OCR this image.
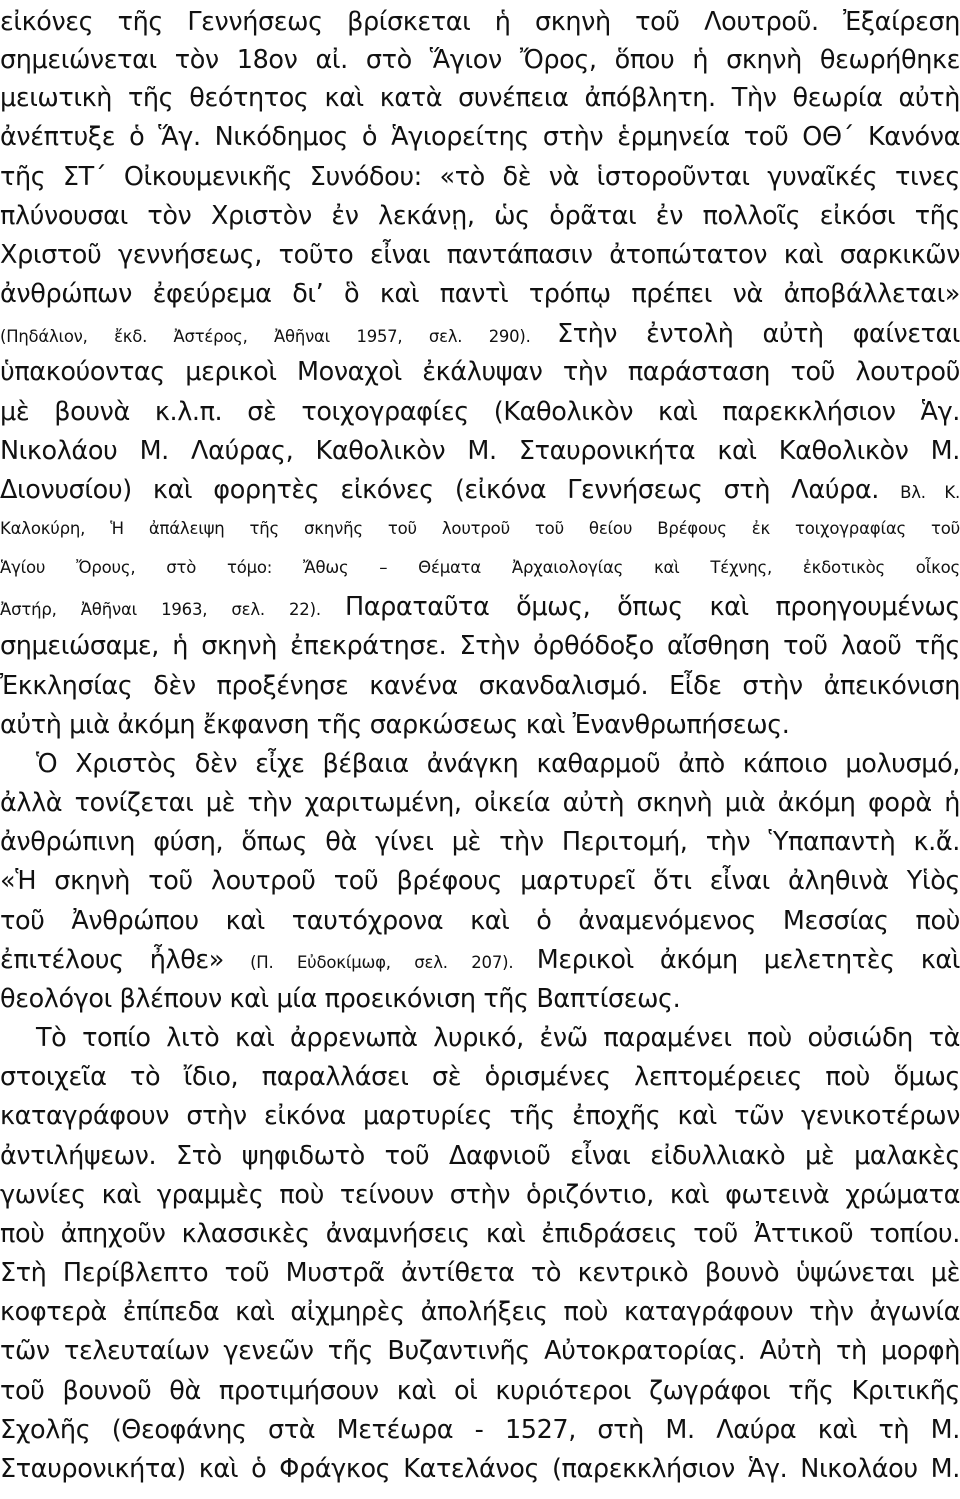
εἰκόνες τῆς Γεννήσεως βρίσκεται ἡ σκηνὴ τοῦ Λουτροῦ. Ἐξαίρεση
σημειώνεται τὸν 18ον αἰ. στὸ Ἅγιον Ὄρος, ὅπου ἡ σκηνὴ θεωρήθηκε
μειωτικὴ τῆς θεότητος καὶ κατὰ συνέπεια ἀπόβλητη. Τὴν θεωρία αὐτὴ
ἀνέπτυξε ὁ Ἅγ. Νικόδημος ὁ Ἁγιορείτης στὴν ἑρμηνεία τοῦ ΟΘ΄ Κανόνα
τῆς ΣΤ΄ Οἰκουμενικῆς Συνόδου: «τὸ δὲ νὰ ἱστοροῦνται γυναῖκές τινες
πλύνουσαι τὸν Χριστὸν ἐν λεκάνῃ, ὡς ὁρᾶται ἐν πολλοῖς εἰκόσι τῆς
Χριστοῦ γεννήσεως, τοῦτο εἶναι παντάπασιν ἀτοπώτατον καὶ σαρκικῶν
ἀνθρώπων ἐφεύρεμα δι’ ὃ καὶ παντὶ τρόπῳ πρέπει νὰ ἀποβάλλεται»
(Πηδάλιον, ἔκδ. Ἀστέρος, Ἀθῆναι 1957, σελ. 290). Στὴν ἐντολὴ αὐτὴ φαίνεται
ὑπακούοντας μερικοὶ Μοναχοὶ ἐκάλυψαν τὴν παράσταση τοῦ λουτροῦ
μὲ βουνὰ κ.λ.π. σὲ τοιχογραφίες (Καθολικὸν καὶ παρεκκλήσιον Ἁγ.
Νικολάου Μ. Λαύρας, Καθολικὸν Μ. Σταυρονικήτα καὶ Καθολικὸν Μ.
Διονυσίου) καὶ φορητὲς εἰκόνες (εἰκόνα Γεννήσεως στὴ Λαύρα. Βλ. Κ.
Καλοκύρη, Ἡ ἀπάλειψη τῆς σκηνῆς τοῦ λουτροῦ τοῦ θείου Βρέφους ἐκ τοιχογραφίας τοῦ
Ἁγίου Ὄρους, στὸ τόμο: Ἄθως – Θέματα Ἀρχαιολογίας καὶ Τέχνης, ἐκδοτικὸς οἶκος
Ἀστήρ, Ἀθῆναι 1963, σελ. 22). Παραταῦτα ὅμως, ὅπως καὶ προηγουμένως
σημειώσαμε, ἡ σκηνὴ ἐπεκράτησε. Στὴν ὀρθόδοξο αἴσθηση τοῦ λαοῦ τῆς
Ἐκκλησίας δὲν προξένησε κανένα σκανδαλισμό. Εἶδε στὴν ἀπεικόνιση
αὐτὴ μιὰ ἀκόμη ἔκφανση τῆς σαρκώσεως καὶ Ἐνανθρωπήσεως.
Ὁ Χριστὸς δὲν εἶχε βέβαια ἀνάγκη καθαρμοῦ ἀπὸ κάποιο μολυσμό,
ἀλλὰ τονίζεται μὲ τὴν χαριτωμένη, οἰκεία αὐτὴ σκηνὴ μιὰ ἀκόμη φορὰ ἡ
ἀνθρώπινη φύση, ὅπως θὰ γίνει μὲ τὴν Περιτομή, τὴν Ὑπαπαντὴ κ.ἄ.
«Ἡ σκηνὴ τοῦ λουτροῦ τοῦ βρέφους μαρτυρεῖ ὅτι εἶναι ἀληθινὰ Υἱὸς
τοῦ Ἀνθρώπου καὶ ταυτόχρονα καὶ ὁ ἀναμενόμενος Μεσσίας ποὺ
ἐπιτέλους ἦλθε» (Π. Εὐδοκίμωφ, σελ. 207). Μερικοὶ ἀκόμη μελετητὲς καὶ
θεολόγοι βλέπουν καὶ μία προεικόνιση τῆς Βαπτίσεως.
Τὸ τοπίο λιτὸ καὶ ἀρρενωπὰ λυρικό, ἐνῶ παραμένει ποὺ οὐσιώδη τὰ
στοιχεῖα τὸ ἴδιο, παραλλάσει σὲ ὁρισμένες λεπτομέρειες ποὺ ὅμως
καταγράφουν στὴν εἰκόνα μαρτυρίες τῆς ἐποχῆς καὶ τῶν γενικοτέρων
ἀντιλήψεων. Στὸ ψηφιδωτὸ τοῦ Δαφνιοῦ εἶναι εἰδυλλιακὸ μὲ μαλακὲς
γωνίες καὶ γραμμὲς ποὺ τείνουν στὴν ὁριζόντιο, καὶ φωτεινὰ χρώματα
ποὺ ἀπηχοῦν κλασσικὲς ἀναμνήσεις καὶ ἐπιδράσεις τοῦ Ἀττικοῦ τοπίου.
Στὴ Περίβλεπτο τοῦ Μυστρᾶ ἀντίθετα τὸ κεντρικὸ βουνὸ ὑψώνεται μὲ
κοφτερὰ ἐπίπεδα καὶ αἰχμηρὲς ἀπολήξεις ποὺ καταγράφουν τὴν ἀγωνία
τῶν τελευταίων γενεῶν τῆς Βυζαντινῆς Αὐτοκρατορίας. Αὐτὴ τὴ μορφὴ
τοῦ βουνοῦ θὰ προτιμήσουν καὶ οἱ κυριότεροι ζωγράφοι τῆς Κριτικῆς
Σχολῆς (Θεοφάνης στὰ Μετέωρα - 1527, στὴ Μ. Λαύρα καὶ τὴ Μ.
Σταυρονικήτα) καὶ ὁ Φράγκος Κατελάνος (παρεκκλήσιον Ἁγ. Νικολάου Μ.
